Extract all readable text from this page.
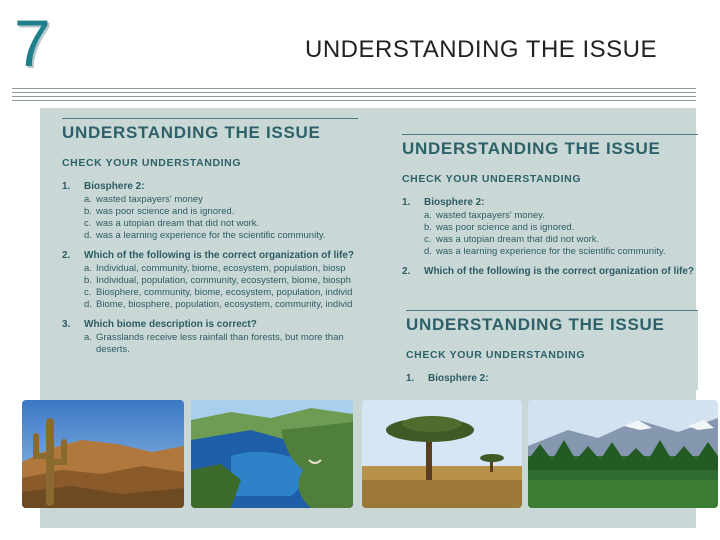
7	UNDERSTANDING THE ISSUE
UNDERSTANDING THE ISSUE
CHECK YOUR UNDERSTANDING
1. Biosphere 2:
a. wasted taxpayers' money
b. was poor science and is ignored.
c. was a utopian dream that did not work.
d. was a learning experience for the scientific community.
2. Which of the following is the correct organization of life?
a. Individual, community, biome, ecosystem, population, biosp
b. Individual, population, community, ecosystem, biome, biosph
c. Biosphere, community, biome, ecosystem, population, individ
d. Biome, biosphere, population, ecosystem, community, individ
3. Which biome description is correct?
a. Grasslands receive less rainfall than forests, but more than
deserts.
UNDERSTANDING THE ISSUE
CHECK YOUR UNDERSTANDING
1. Biosphere 2:
a. wasted taxpayers' money.
b. was poor science and is ignored.
c. was a utopian dream that did not work.
d. was a learning experience for the scientific community.
2. Which of the following is the correct organization of life?
UNDERSTANDING THE ISSUE
CHECK YOUR UNDERSTANDING
1. Biosphere 2:
